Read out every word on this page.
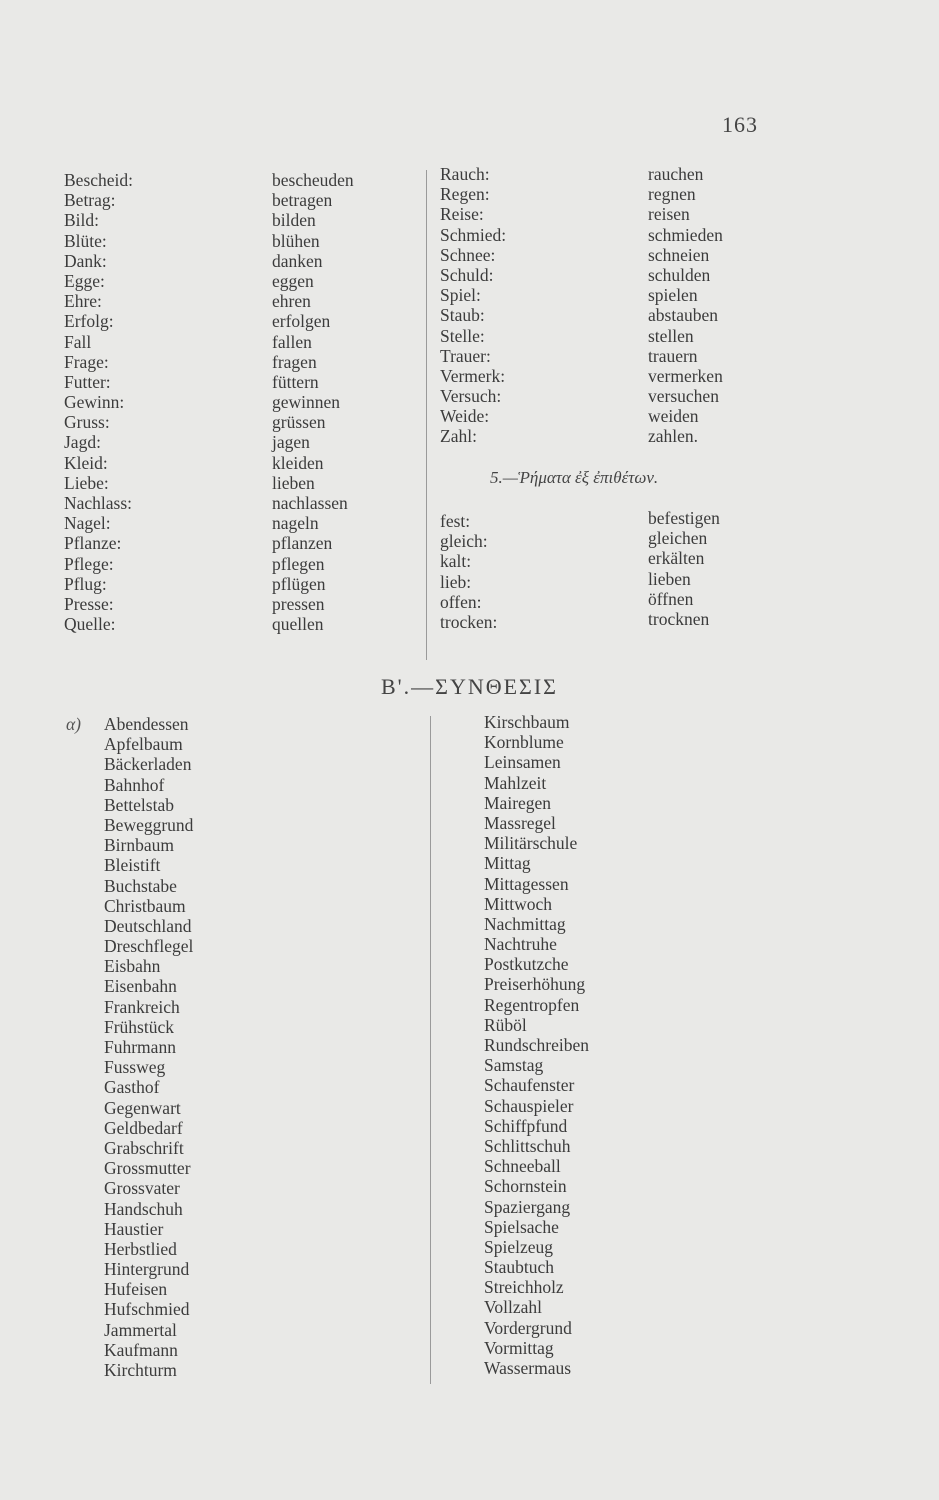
163
Bescheid:
Betrag:
Bild:
Blüte:
Dank:
Egge:
Ehre:
Erfolg:
Fall
Frage:
Futter:
Gewinn:
Gruss:
Jagd:
Kleid:
Liebe:
Nachlass:
Nagel:
Pflanze:
Pflege:
Pflug:
Presse:
Quelle:
bescheuden
betragen
bilden
blühen
danken
eggen
ehren
erfolgen
fallen
fragen
füttern
gewinnen
grüssen
jagen
kleiden
lieben
nachlassen
nageln
pflanzen
pflegen
pflügen
pressen
quellen
Rauch:
Regen:
Reise:
Schmied:
Schnee:
Schuld:
Spiel:
Staub:
Stelle:
Trauer:
Vermerk:
Versuch:
Weide:
Zahl:
rauchen
regnen
reisen
schmieden
schneien
schulden
spielen
abstauben
stellen
trauern
vermerken
versuchen
weiden
zahlen.
5.—Ῥήματα ἐξ ἐπιθέτων.
fest:
gleich:
kalt:
lieb:
offen:
trocken:
befestigen
gleichen
erkälten
lieben
öffnen
trocknen
B'.—ΣΥΝΘΕΣΙΣ
α) Abendessen
Apfelbaum
Bäckerladen
Bahnhof
Bettelstab
Beweggrund
Birnbaum
Bleistift
Buchstabe
Christbaum
Deutschland
Dreschflegel
Eisbahn
Eisenbahn
Frankreich
Frühstück
Fuhrmann
Fussweg
Gasthof
Gegenwart
Geldbedarf
Grabschrift
Grossmutter
Grossvater
Handschuh
Haustier
Herbstlied
Hintergrund
Hufeisen
Hufschmied
Jammertal
Kaufmann
Kirchturm
Kirschbaum
Kornblume
Leinsamen
Mahlzeit
Mairegen
Massregel
Militärschule
Mittag
Mittagessen
Mittwoch
Nachmittag
Nachtruhe
Postkutzche
Preiserhöhung
Regentropfen
Rüböl
Rundschreiben
Samstag
Schaufenster
Schauspieler
Schiffpfund
Schlittschuh
Schneeball
Schornstein
Spaziergang
Spielsache
Spielzeug
Staubtuch
Streichholz
Vollzahl
Vordergrund
Vormittag
Wassermaus
